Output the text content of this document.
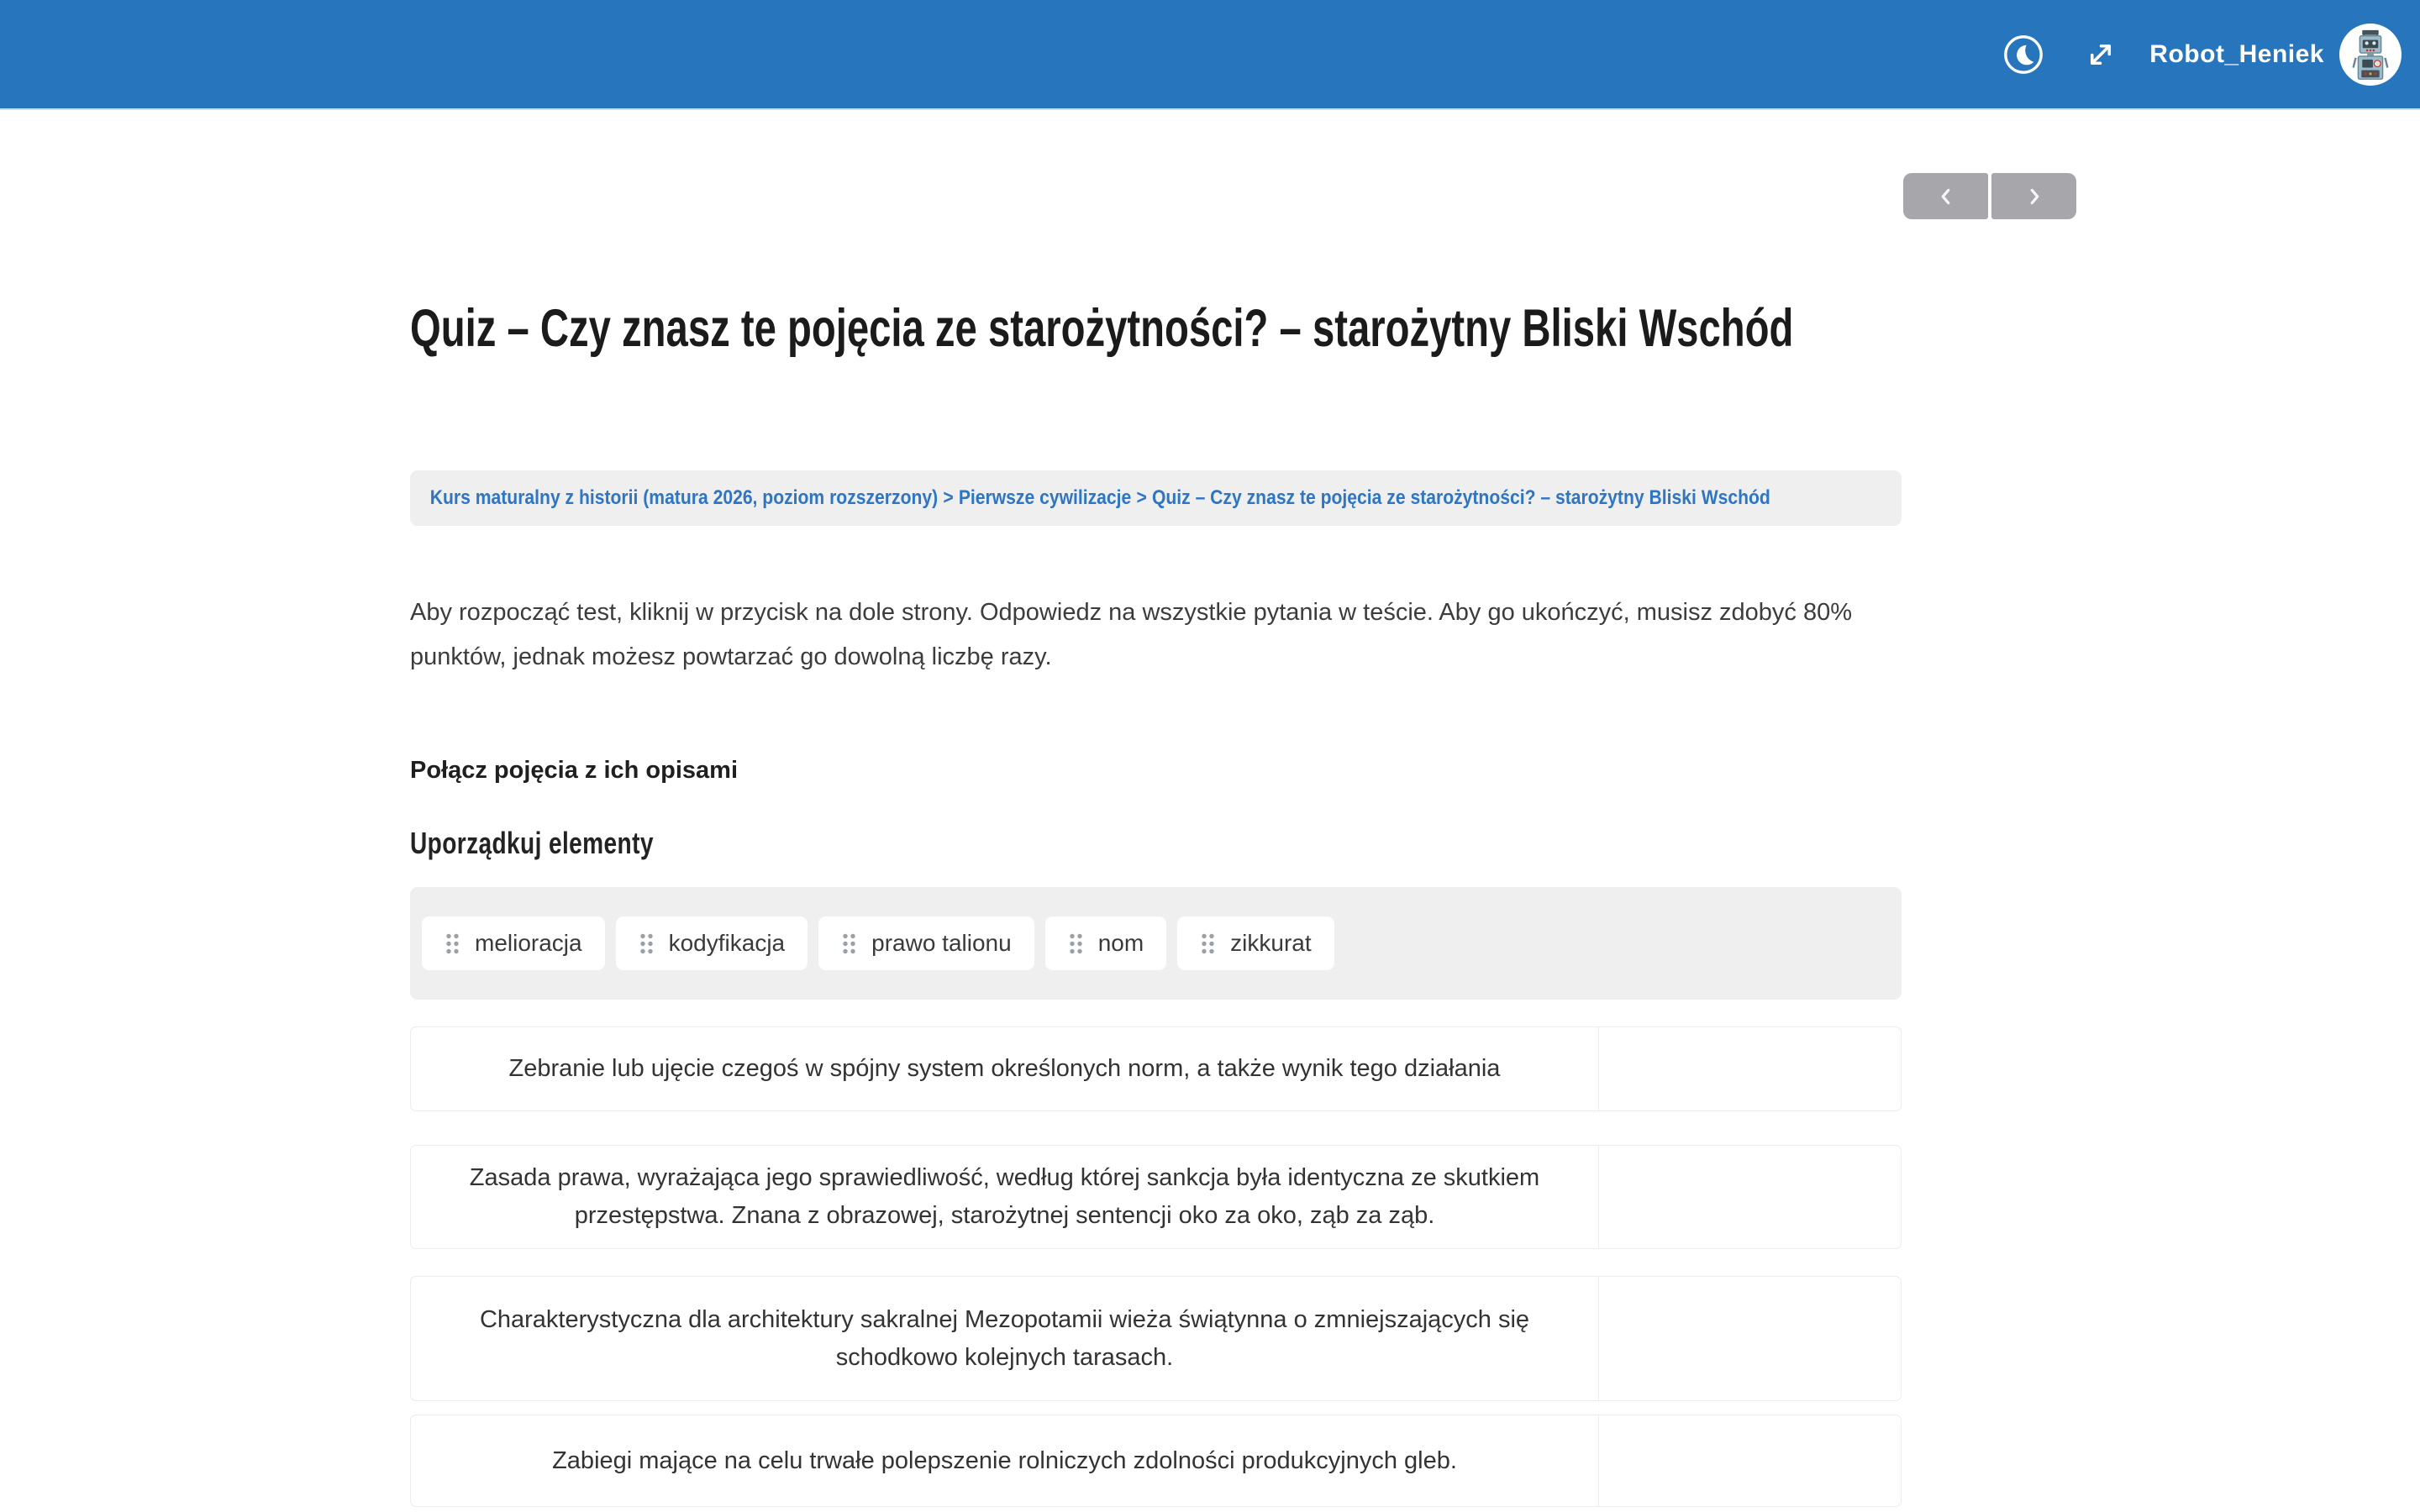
Robot_Heniek
Quiz – Czy znasz te pojęcia ze starożytności? – starożytny Bliski Wschód
Kurs maturalny z historii (matura 2026, poziom rozszerzony) > Pierwsze cywilizacje > Quiz – Czy znasz te pojęcia ze starożytności? – starożytny Bliski Wschód

Aby rozpocząć test, kliknij w przycisk na dole strony. Odpowiedz na wszystkie pytania w teście. Aby go ukończyć, musisz zdobyć 80% punktów, jednak możesz powtarzać go dowolną liczbę razy.

Połącz pojęcia z ich opisami
Uporządkuj elementy
melioracja	kodyfikacja	prawo talionu	nom	zikkurat
Zebranie lub ujęcie czegoś w spójny system określonych norm, a także wynik tego działania
Zasada prawa, wyrażająca jego sprawiedliwość, według której sankcja była identyczna ze skutkiem przestępstwa. Znana z obrazowej, starożytnej sentencji oko za oko, ząb za ząb.
Charakterystyczna dla architektury sakralnej Mezopotamii wieża świątynna o zmniejszających się schodkowo kolejnych tarasach.
Zabiegi mające na celu trwałe polepszenie rolniczych zdolności produkcyjnych gleb.
